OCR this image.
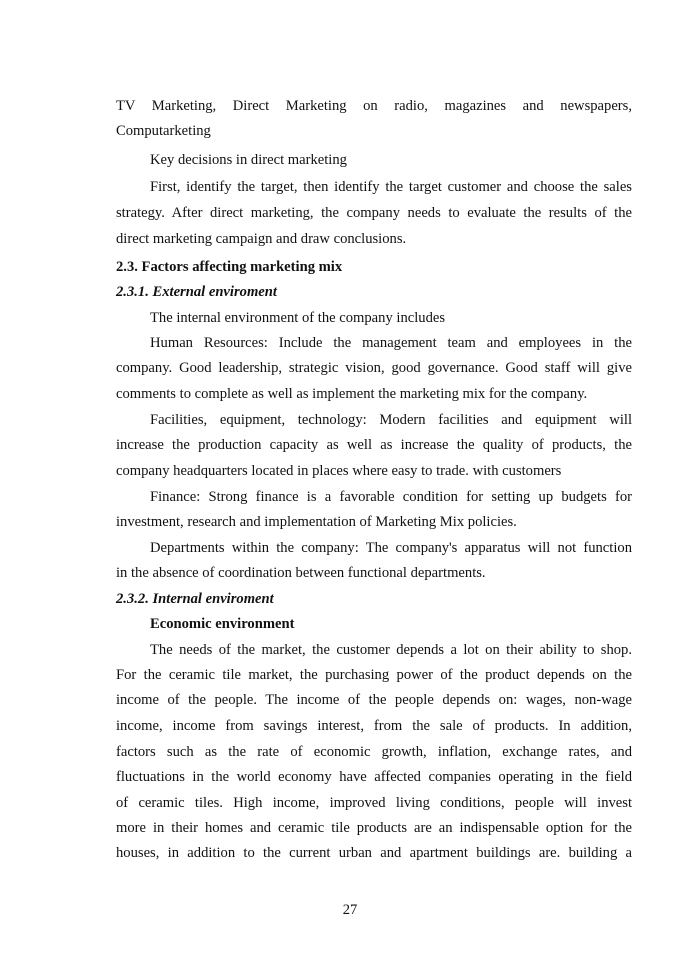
TV Marketing, Direct Marketing on radio, magazines and newspapers,
Computarketing
Key decisions in direct marketing
First, identify the target, then identify the target customer and choose the sales
strategy. After direct marketing, the company needs to evaluate the results of the
direct marketing campaign and draw conclusions.
2.3. Factors affecting marketing mix
2.3.1. External enviroment
The internal environment of the company includes
Human Resources: Include the management team and employees in the
company. Good leadership, strategic vision, good governance. Good staff will give
comments to complete as well as implement the marketing mix for the company.
Facilities, equipment, technology: Modern facilities and equipment will
increase the production capacity as well as increase the quality of products, the
company headquarters located in places where easy to trade. with customers
Finance: Strong finance is a favorable condition for setting up budgets for
investment, research and implementation of Marketing Mix policies.
Departments within the company: The company's apparatus will not function
in the absence of coordination between functional departments.
2.3.2. Internal enviroment
Economic environment
The needs of the market, the customer depends a lot on their ability to shop.
For the ceramic tile market, the purchasing power of the product depends on the
income of the people. The income of the people depends on: wages, non-wage
income, income from savings interest, from the sale of products. In addition,
factors such as the rate of economic growth, inflation, exchange rates, and
fluctuations in the world economy have affected companies operating in the field
of ceramic tiles. High income, improved living conditions, people will invest
more in their homes and ceramic tile products are an indispensable option for the
houses, in addition to the current urban and apartment buildings are. building a
27
